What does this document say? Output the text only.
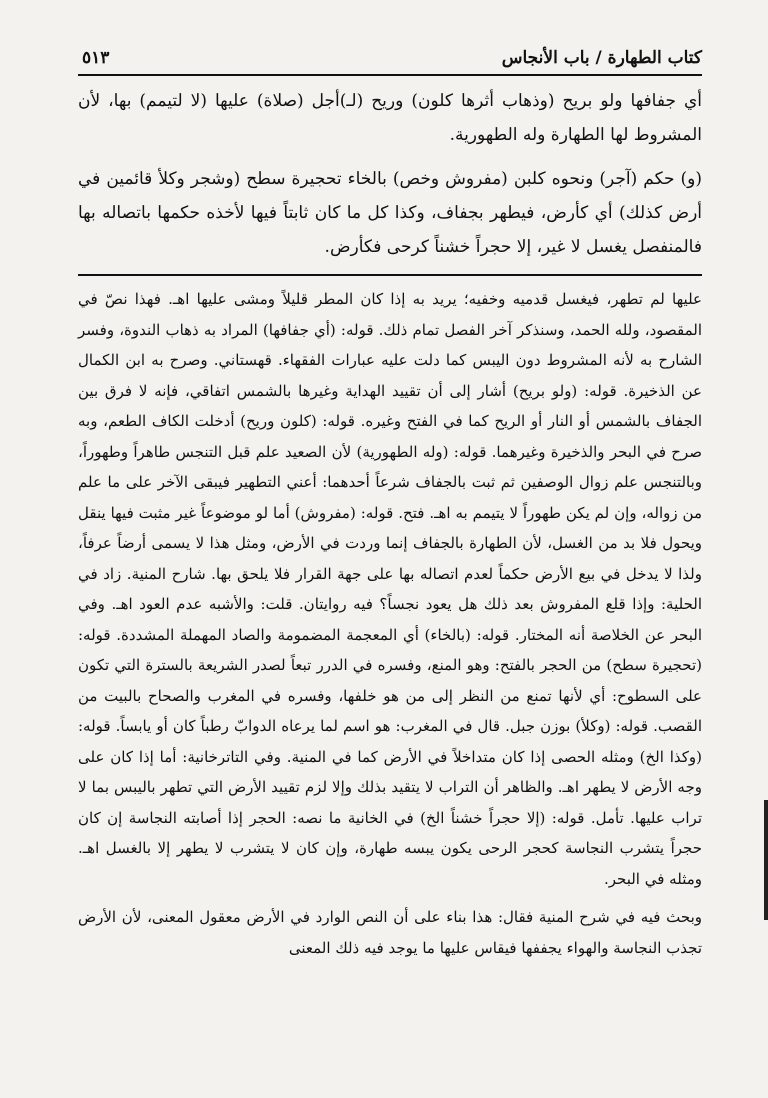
كتاب الطهارة / باب الأنجاس
٥١٣

أي جفافها ولو بريح (وذهاب أثرها كلون) وريح (لـ)أجل (صلاة) عليها (لا لتيمم) بها، لأن المشروط لها الطهارة وله الطهورية.

(و) حكم (آجر) ونحوه كلبن (مفروش وخص) بالخاء تحجيرة سطح (وشجر وكلأ قائمين في أرض كذلك) أي كأرض، فيطهر بجفاف، وكذا كل ما كان ثابتاً فيها لأخذه حكمها باتصاله بها فالمنفصل يغسل لا غير، إلا حجراً خشناً كرحى فكأرض.

عليها لم تطهر، فيغسل قدميه وخفيه؛ يريد به إذا كان المطر قليلاً ومشى عليها اهـ. فهذا نصّ في المقصود، ولله الحمد، وسنذكر آخر الفصل تمام ذلك. قوله: (أي جفافها) المراد به ذهاب الندوة، وفسر الشارح به لأنه المشروط دون اليبس كما دلت عليه عبارات الفقهاء. قهستاني. وصرح به ابن الكمال عن الذخيرة. قوله: (ولو بريح) أشار إلى أن تقييد الهداية وغيرها بالشمس اتفاقي، فإنه لا فرق بين الجفاف بالشمس أو النار أو الريح كما في الفتح وغيره. قوله: (كلون وريح) أدخلت الكاف الطعم، وبه صرح في البحر والذخيرة وغيرهما. قوله: (وله الطهورية) لأن الصعيد علم قبل التنجس طاهراً وطهوراً، وبالتنجس علم زوال الوصفين ثم ثبت بالجفاف شرعاً أحدهما: أعني التطهير فيبقى الآخر على ما علم من زواله، وإن لم يكن طهوراً لا يتيمم به اهـ. فتح. قوله: (مفروش) أما لو موضوعاً غير مثبت فيها ينقل ويحول فلا بد من الغسل، لأن الطهارة بالجفاف إنما وردت في الأرض، ومثل هذا لا يسمى أرضاً عرفاً، ولذا لا يدخل في بيع الأرض حكماً لعدم اتصاله بها على جهة القرار فلا يلحق بها. شارح المنية. زاد في الحلية: وإذا قلع المفروش بعد ذلك هل يعود نجساً؟ فيه روايتان. قلت: والأشبه عدم العود اهـ. وفي البحر عن الخلاصة أنه المختار. قوله: (بالخاء) أي المعجمة المضمومة والصاد المهملة المشددة. قوله: (تحجيرة سطح) من الحجر بالفتح: وهو المنع، وفسره في الدرر تبعاً لصدر الشريعة بالسترة التي تكون على السطوح: أي لأنها تمنع من النظر إلى من هو خلفها، وفسره في المغرب والصحاح بالبيت من القصب. قوله: (وكلأ) بوزن جبل. قال في المغرب: هو اسم لما يرعاه الدوابّ رطباً كان أو يابساً. قوله: (وكذا الخ) ومثله الحصى إذا كان متداخلاً في الأرض كما في المنية. وفي التاترخانية: أما إذا كان على وجه الأرض لا يطهر اهـ. والظاهر أن التراب لا يتقيد بذلك وإلا لزم تقييد الأرض التي تطهر باليبس بما لا تراب عليها. تأمل. قوله: (إلا حجراً خشناً الخ) في الخانية ما نصه: الحجر إذا أصابته النجاسة إن كان حجراً يتشرب النجاسة كحجر الرحى يكون يبسه طهارة، وإن كان لا يتشرب لا يطهر إلا بالغسل اهـ. ومثله في البحر.

وبحث فيه في شرح المنية فقال: هذا بناء على أن النص الوارد في الأرض معقول المعنى، لأن الأرض تجذب النجاسة والهواء يجففها فيقاس عليها ما يوجد فيه ذلك المعنى
